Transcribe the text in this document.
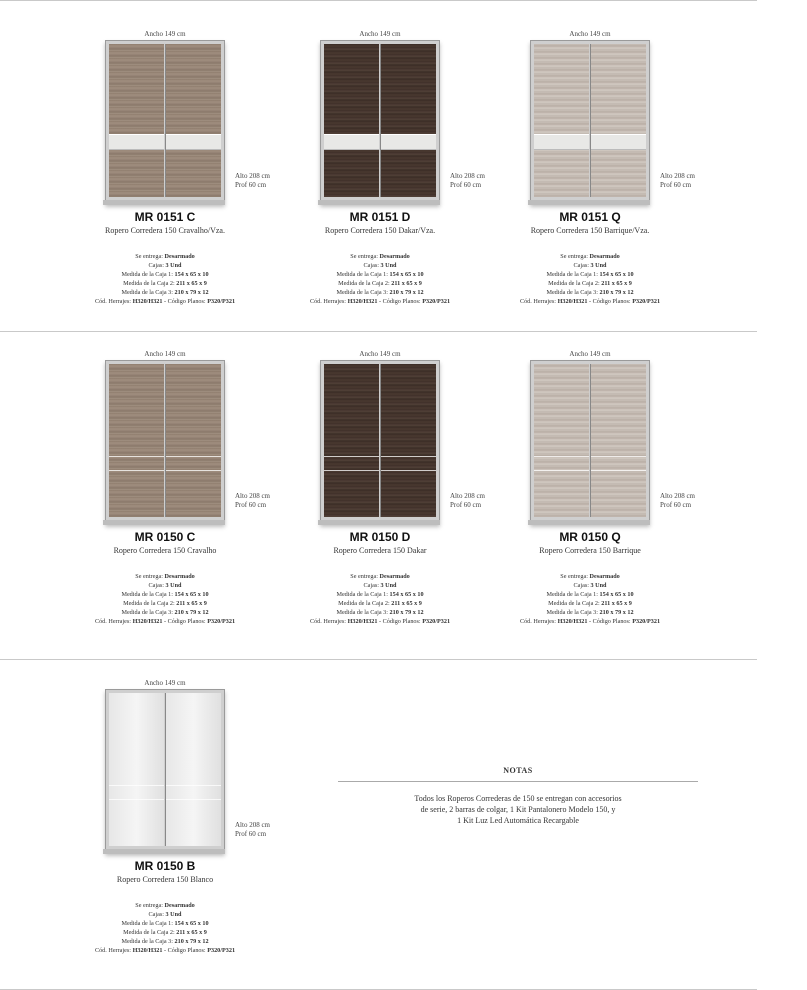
Ancho 149 cm
Alto 208 cm
Prof 60 cm
MR 0151 C
Ropero Corredera 150 Cravalho/Vza.
Se entrega: Desarmado
Cajas: 3 Und
Medida de la Caja 1: 154 x 65 x 10
Medida de la Caja 2: 211 x 65 x 9
Medida de la Caja 3: 210 x 79 x 12
Cód. Herrajes: H320/H321 - Código Planos: P320/P321
Ancho 149 cm
Alto 208 cm
Prof 60 cm
MR 0151 D
Ropero Corredera 150 Dakar/Vza.
Se entrega: Desarmado
Cajas: 3 Und
Medida de la Caja 1: 154 x 65 x 10
Medida de la Caja 2: 211 x 65 x 9
Medida de la Caja 3: 210 x 79 x 12
Cód. Herrajes: H320/H321 - Código Planos: P320/P321
Ancho 149 cm
Alto 208 cm
Prof 60 cm
MR 0151 Q
Ropero Corredera 150 Barrique/Vza.
Se entrega: Desarmado
Cajas: 3 Und
Medida de la Caja 1: 154 x 65 x 10
Medida de la Caja 2: 211 x 65 x 9
Medida de la Caja 3: 210 x 79 x 12
Cód. Herrajes: H320/H321 - Código Planos: P320/P321
Ancho 149 cm
Alto 208 cm
Prof 60 cm
MR 0150 C
Ropero Corredera 150 Cravalho
Se entrega: Desarmado
Cajas: 3 Und
Medida de la Caja 1: 154 x 65 x 10
Medida de la Caja 2: 211 x 65 x 9
Medida de la Caja 3: 210 x 79 x 12
Cód. Herrajes: H320/H321 - Código Planos: P320/P321
Ancho 149 cm
Alto 208 cm
Prof 60 cm
MR 0150 D
Ropero Corredera 150 Dakar
Se entrega: Desarmado
Cajas: 3 Und
Medida de la Caja 1: 154 x 65 x 10
Medida de la Caja 2: 211 x 65 x 9
Medida de la Caja 3: 210 x 79 x 12
Cód. Herrajes: H320/H321 - Código Planos: P320/P321
Ancho 149 cm
Alto 208 cm
Prof 60 cm
MR 0150 Q
Ropero Corredera 150 Barrique
Se entrega: Desarmado
Cajas: 3 Und
Medida de la Caja 1: 154 x 65 x 10
Medida de la Caja 2: 211 x 65 x 9
Medida de la Caja 3: 210 x 79 x 12
Cód. Herrajes: H320/H321 - Código Planos: P320/P321
Ancho 149 cm
Alto 208 cm
Prof 60 cm
MR 0150 B
Ropero Corredera 150 Blanco
Se entrega: Desarmado
Cajas: 3 Und
Medida de la Caja 1: 154 x 65 x 10
Medida de la Caja 2: 211 x 65 x 9
Medida de la Caja 3: 210 x 79 x 12
Cód. Herrajes: H320/H321 - Código Planos: P320/P321
NOTAS
Todos los Roperos Correderas de 150 se entregan con accesorios
de serie, 2 barras de colgar, 1 Kit Pantalonero Modelo 150, y
1 Kit Luz Led Automática Recargable
